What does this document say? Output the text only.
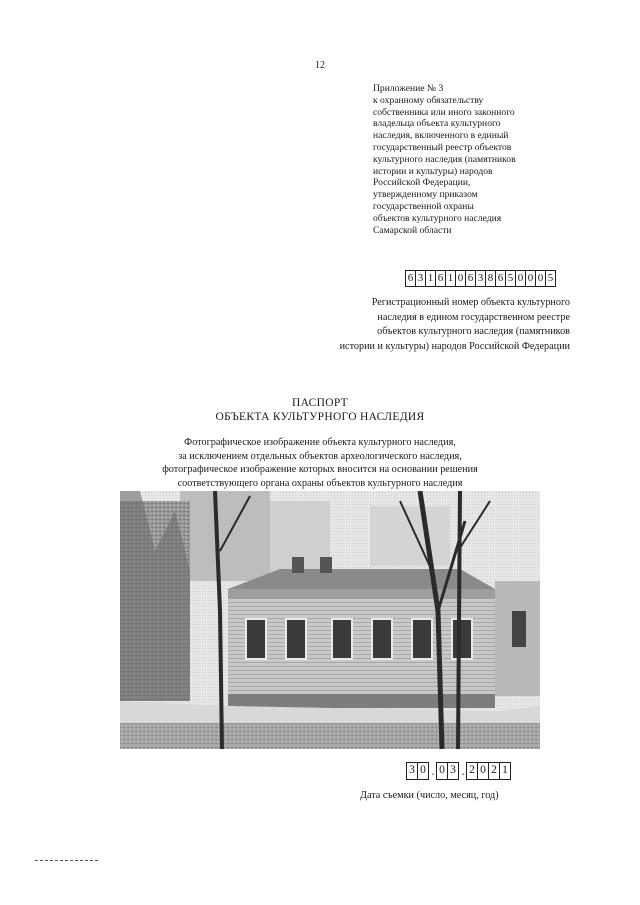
12
Приложение № 3
к охранному обязательству
собственника или иного законного
владельца объекта культурного
наследия, включенного в единый
государственный реестр объектов
культурного наследия (памятников
истории и культуры) народов
Российской Федерации,
утвержденному приказом
государственной охраны
объектов культурного наследия
Самарской области
6 3 1 6 1 0 6 3 8 6 5 0 0 0 5
Регистрационный номер объекта культурного
наследия в едином государственном реестре
объектов культурного наследия (памятников
истории и культуры) народов Российской Федерации
ПАСПОРТ
ОБЪЕКТА КУЛЬТУРНОГО НАСЛЕДИЯ
Фотографическое изображение объекта культурного наследия,
за исключением отдельных объектов археологического наследия,
фотографическое изображение которых вносится на основании решения
соответствующего органа охраны объектов культурного наследия
3 0 . 0 3 . 2 0 2 1
Дата съемки (число, месяц, год)
